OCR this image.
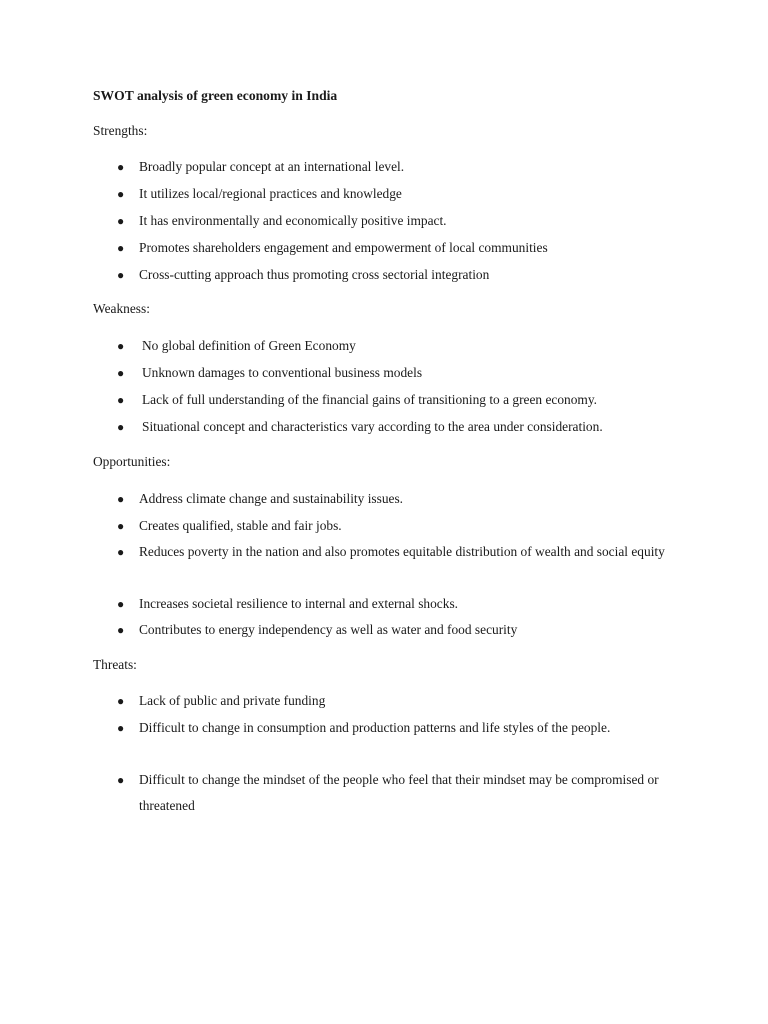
SWOT analysis of green economy in India
Strengths:
● Broadly popular concept at an international level.
● It utilizes local/regional practices and knowledge
● It has environmentally and economically positive impact.
● Promotes shareholders engagement and empowerment of local communities
● Cross-cutting approach thus promoting cross sectorial integration
Weakness:
● No global definition of Green Economy
● Unknown damages to conventional business models
● Lack of full understanding of the financial gains of transitioning to a green economy.
● Situational concept and characteristics vary according to the area under consideration.
Opportunities:
● Address climate change and sustainability issues.
● Creates qualified, stable and fair jobs.
● Reduces poverty in the nation and also promotes equitable distribution of wealth and social equity
● Increases societal resilience to internal and external shocks.
● Contributes to energy independency as well as water and food security
Threats:
● Lack of public and private funding
● Difficult to change in consumption and production patterns and life styles of the people.
● Difficult to change the mindset of the people who feel that their mindset may be compromised or threatened
